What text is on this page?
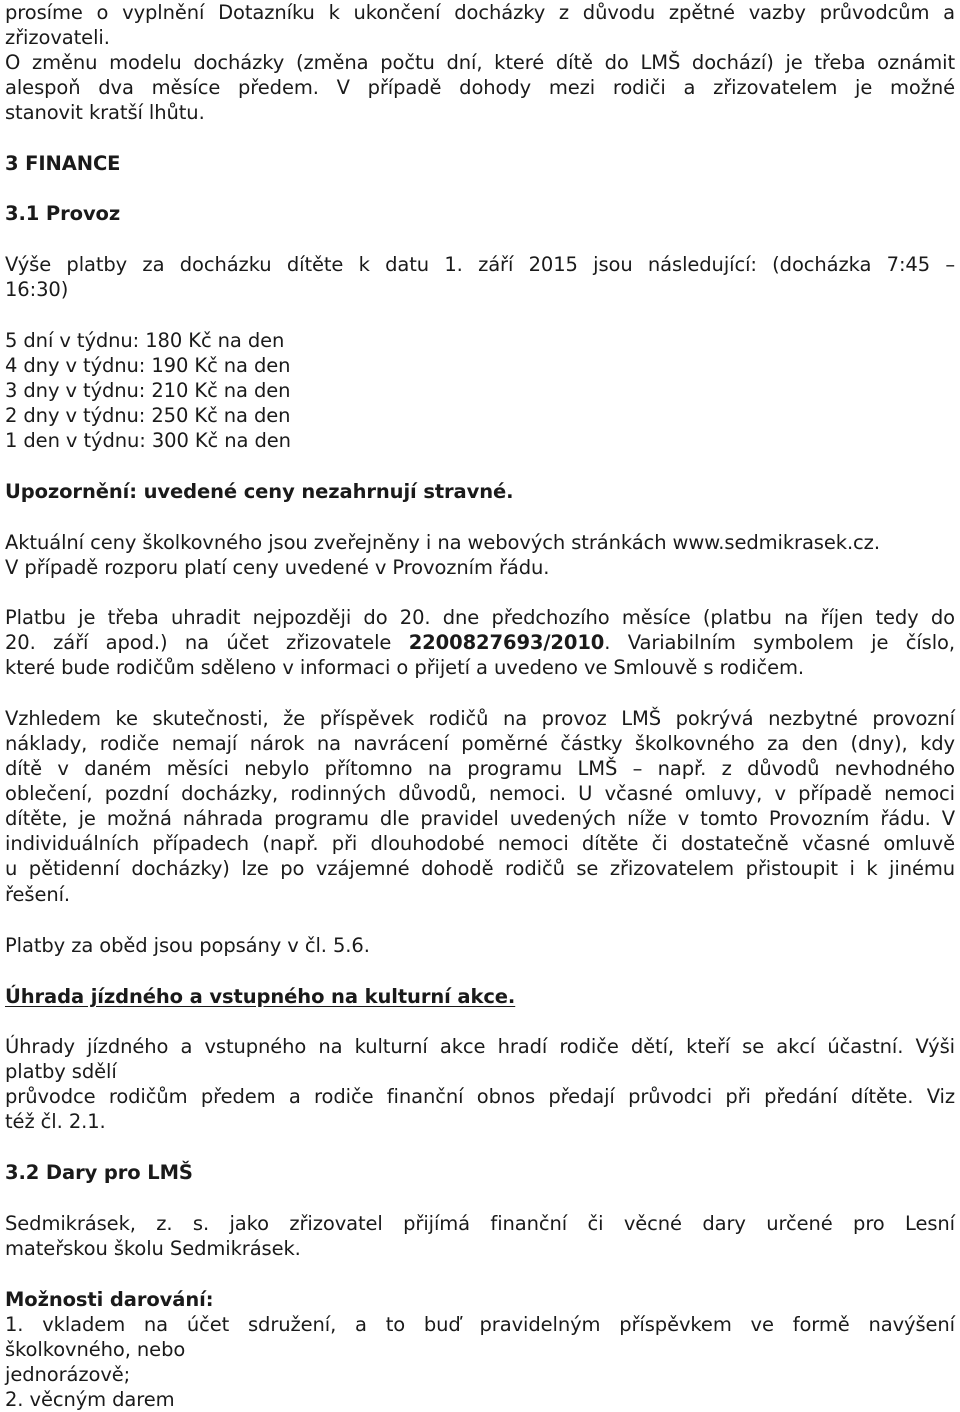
prosíme o vyplnění Dotazníku k ukončení docházky z důvodu zpětné vazby průvodcům a
zřizovateli.
O změnu modelu docházky (změna počtu dní, které dítě do LMŠ dochází) je třeba oznámit
alespoň dva měsíce předem. V případě dohody mezi rodiči a zřizovatelem je možné
stanovit kratší lhůtu.
3 FINANCE
3.1 Provoz
Výše platby za docházku dítěte k datu 1. září 2015 jsou následující: (docházka 7:45 –
16:30)
5 dní v týdnu: 180 Kč na den
4 dny v týdnu: 190 Kč na den
3 dny v týdnu: 210 Kč na den
2 dny v týdnu: 250 Kč na den
1 den v týdnu: 300 Kč na den
Upozornění: uvedené ceny nezahrnují stravné.
Aktuální ceny školkovného jsou zveřejněny i na webových stránkách www.sedmikrasek.cz.
V případě rozporu platí ceny uvedené v Provozním řádu.
Platbu je třeba uhradit nejpozději do 20. dne předchozího měsíce (platbu na říjen tedy do
20. září apod.) na účet zřizovatele 2200827693/2010. Variabilním symbolem je číslo,
které bude rodičům sděleno v informaci o přijetí a uvedeno ve Smlouvě s rodičem.
Vzhledem ke skutečnosti, že příspěvek rodičů na provoz LMŠ pokrývá nezbytné provozní
náklady, rodiče nemají nárok na navrácení poměrné částky školkovného za den (dny), kdy
dítě v daném měsíci nebylo přítomno na programu LMŠ – např. z důvodů nevhodného
oblečení, pozdní docházky, rodinných důvodů, nemoci. U včasné omluvy, v případě nemoci
dítěte, je možná náhrada programu dle pravidel uvedených níže v tomto Provozním řádu. V
individuálních případech (např. při dlouhodobé nemoci dítěte či dostatečně včasné omluvě
u pětidenní docházky) lze po vzájemné dohodě rodičů se zřizovatelem přistoupit i k jinému
řešení.
Platby za oběd jsou popsány v čl. 5.6.
Úhrada jízdného a vstupného na kulturní akce.
Úhrady jízdného a vstupného na kulturní akce hradí rodiče dětí, kteří se akcí účastní. Výši
platby sdělí
průvodce rodičům předem a rodiče finanční obnos předají průvodci při předání dítěte. Viz
též čl. 2.1.
3.2 Dary pro LMŠ
Sedmikrásek, z. s. jako zřizovatel přijímá finanční či věcné dary určené pro Lesní
mateřskou školu Sedmikrásek.
Možnosti darování:
1. vkladem na účet sdružení, a to buď pravidelným příspěvkem ve formě navýšení
školkovného, nebo
jednorázově;
2. věcným darem
